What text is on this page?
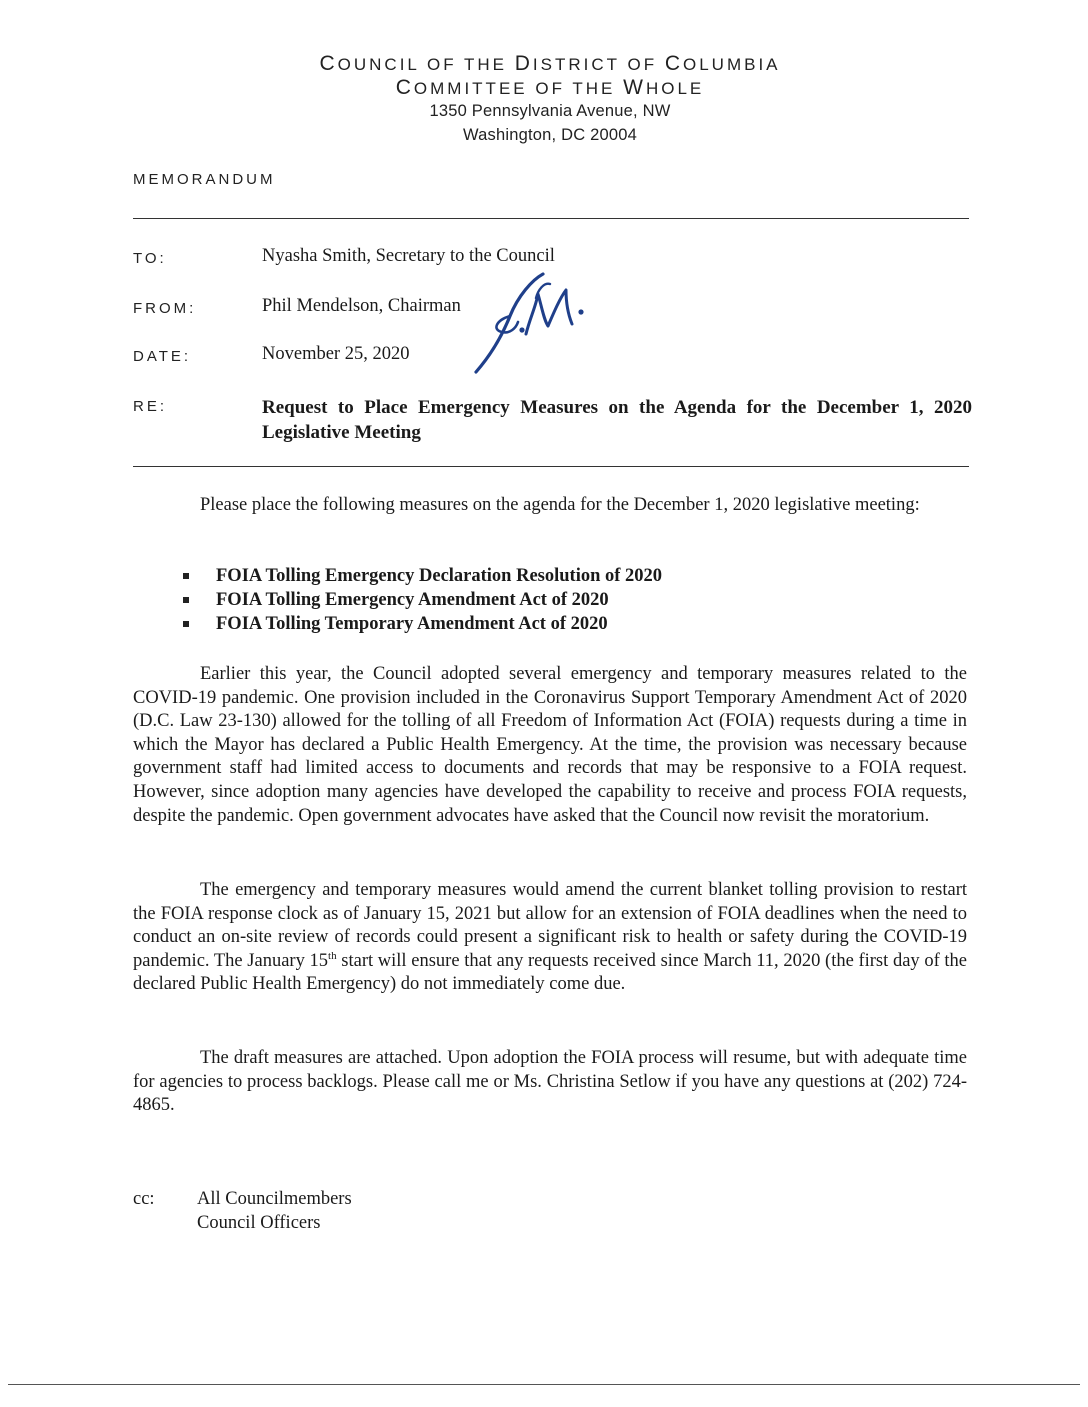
COUNCIL OF THE DISTRICT OF COLUMBIA
COMMITTEE OF THE WHOLE
1350 Pennsylvania Avenue, NW
Washington, DC 20004
MEMORANDUM
TO:	Nyasha Smith, Secretary to the Council
FROM:	Phil Mendelson, Chairman
DATE:	November 25, 2020
RE:	Request to Place Emergency Measures on the Agenda for the December 1, 2020 Legislative Meeting

Please place the following measures on the agenda for the December 1, 2020 legislative meeting:

FOIA Tolling Emergency Declaration Resolution of 2020
FOIA Tolling Emergency Amendment Act of 2020
FOIA Tolling Temporary Amendment Act of 2020

Earlier this year, the Council adopted several emergency and temporary measures related to the COVID-19 pandemic. One provision included in the Coronavirus Support Temporary Amendment Act of 2020 (D.C. Law 23-130) allowed for the tolling of all Freedom of Information Act (FOIA) requests during a time in which the Mayor has declared a Public Health Emergency. At the time, the provision was necessary because government staff had limited access to documents and records that may be responsive to a FOIA request. However, since adoption many agencies have developed the capability to receive and process FOIA requests, despite the pandemic. Open government advocates have asked that the Council now revisit the moratorium.

The emergency and temporary measures would amend the current blanket tolling provision to restart the FOIA response clock as of January 15, 2021 but allow for an extension of FOIA deadlines when the need to conduct an on-site review of records could present a significant risk to health or safety during the COVID-19 pandemic. The January 15th start will ensure that any requests received since March 11, 2020 (the first day of the declared Public Health Emergency) do not immediately come due.

The draft measures are attached. Upon adoption the FOIA process will resume, but with adequate time for agencies to process backlogs. Please call me or Ms. Christina Setlow if you have any questions at (202) 724-4865.

cc: All Councilmembers
Council Officers
